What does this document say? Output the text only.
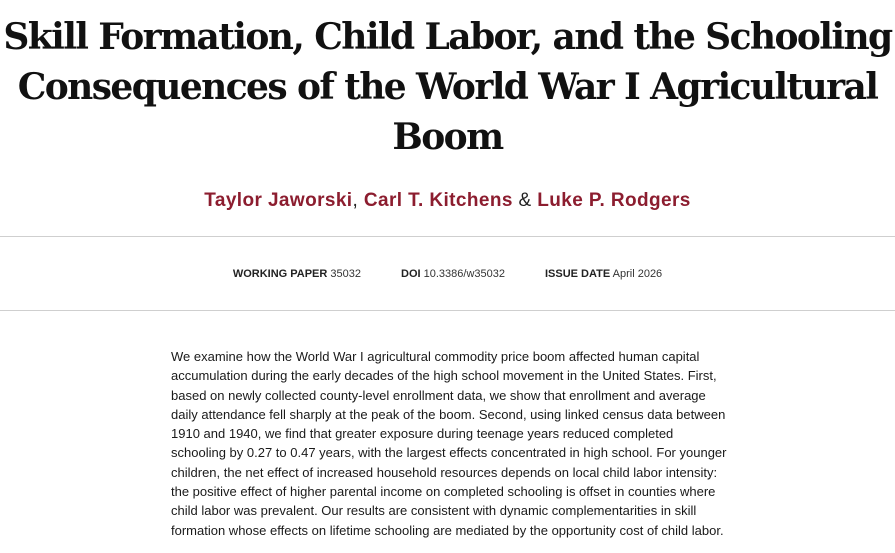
Skill Formation, Child Labor, and the Schooling
Consequences of the World War I Agricultural
Boom
Taylor Jaworski, Carl T. Kitchens & Luke P. Rodgers
WORKING PAPER 35032	DOI 10.3386/w35032	ISSUE DATE April 2026

We examine how the World War I agricultural commodity price boom affected human capital accumulation during the early decades of the high school movement in the United States. First, based on newly collected county-level enrollment data, we show that enrollment and average daily attendance fell sharply at the peak of the boom. Second, using linked census data between 1910 and 1940, we find that greater exposure during teenage years reduced completed schooling by 0.27 to 0.47 years, with the largest effects concentrated in high school. For younger children, the net effect of increased household resources depends on local child labor intensity: the positive effect of higher parental income on completed schooling is offset in counties where child labor was prevalent. Our results are consistent with dynamic complementarities in skill formation whose effects on lifetime schooling are mediated by the opportunity cost of child labor.
